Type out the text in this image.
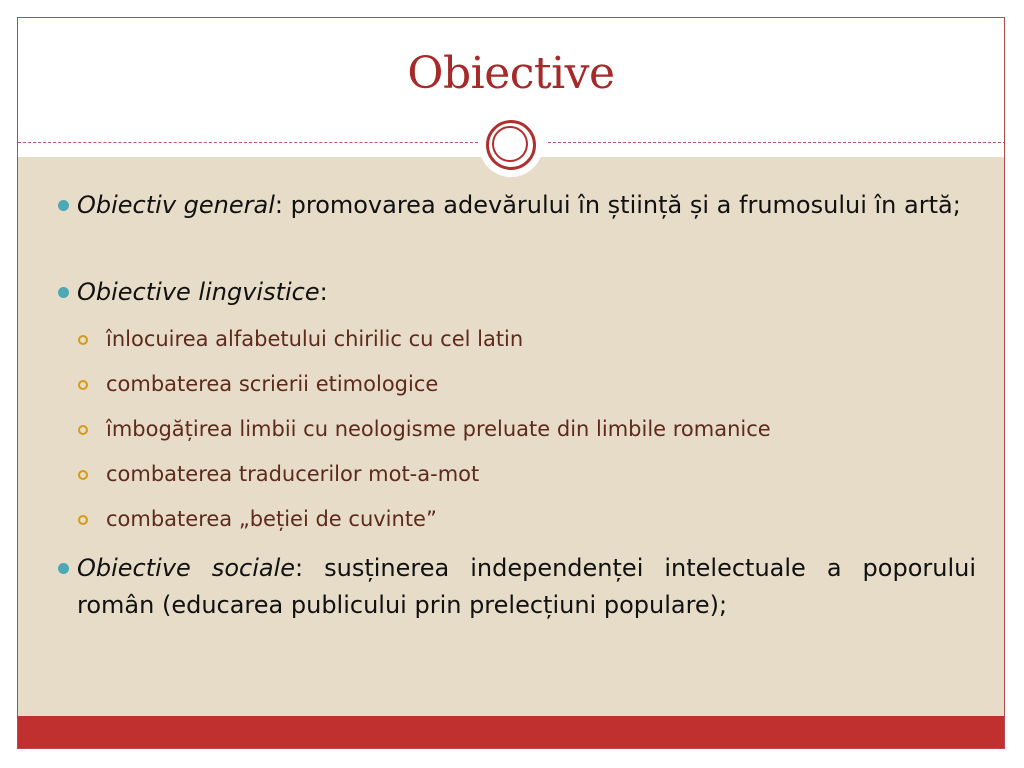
Obiective
Obiectiv general: promovarea adevărului în știință și a frumosului în artă;
Obiective lingvistice:
înlocuirea alfabetului chirilic cu cel latin
combaterea scrierii etimologice
îmbogățirea limbii cu neologisme preluate din limbile romanice
combaterea traducerilor mot-a-mot
combaterea „beției de cuvinte”
Obiective sociale: susținerea independenței intelectuale a poporului român (educarea publicului prin prelecțiuni populare);
